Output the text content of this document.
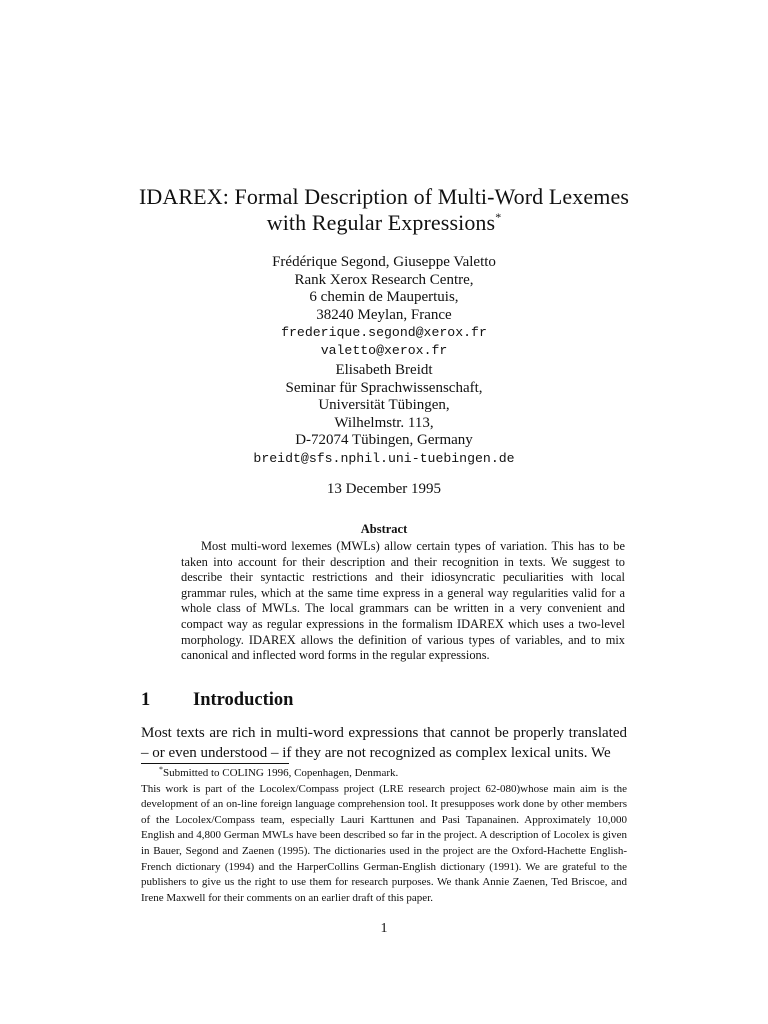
IDAREX: Formal Description of Multi-Word Lexemes
with Regular Expressions*
Frédérique Segond, Giuseppe Valetto
Rank Xerox Research Centre,
6 chemin de Maupertuis,
38240 Meylan, France
frederique.segond@xerox.fr
valetto@xerox.fr
Elisabeth Breidt
Seminar für Sprachwissenschaft,
Universität Tübingen,
Wilhelmstr. 113,
D-72074 Tübingen, Germany
breidt@sfs.nphil.uni-tuebingen.de
13 December 1995
Abstract
Most multi-word lexemes (MWLs) allow certain types of variation. This has to be taken into account for their description and their recognition in texts. We suggest to describe their syntactic restrictions and their idiosyncratic peculiarities with local grammar rules, which at the same time express in a general way regularities valid for a whole class of MWLs. The local grammars can be written in a very convenient and compact way as regular expressions in the formalism IDAREX which uses a two-level morphology. IDAREX allows the definition of various types of variables, and to mix canonical and inflected word forms in the regular expressions.
1 Introduction
Most texts are rich in multi-word expressions that cannot be properly translated – or even understood – if they are not recognized as complex lexical units. We

*Submitted to COLING 1996, Copenhagen, Denmark.

This work is part of the Locolex/Compass project (LRE research project 62-080)whose main aim is the development of an on-line foreign language comprehension tool. It presupposes work done by other members of the Locolex/Compass team, especially Lauri Karttunen and Pasi Tapanainen. Approximately 10,000 English and 4,800 German MWLs have been described so far in the project. A description of Locolex is given in Bauer, Segond and Zaenen (1995). The dictionaries used in the project are the Oxford-Hachette English-French dictionary (1994) and the HarperCollins German-English dictionary (1991). We are grateful to the publishers to give us the right to use them for research purposes. We thank Annie Zaenen, Ted Briscoe, and Irene Maxwell for their comments on an earlier draft of this paper.

1
